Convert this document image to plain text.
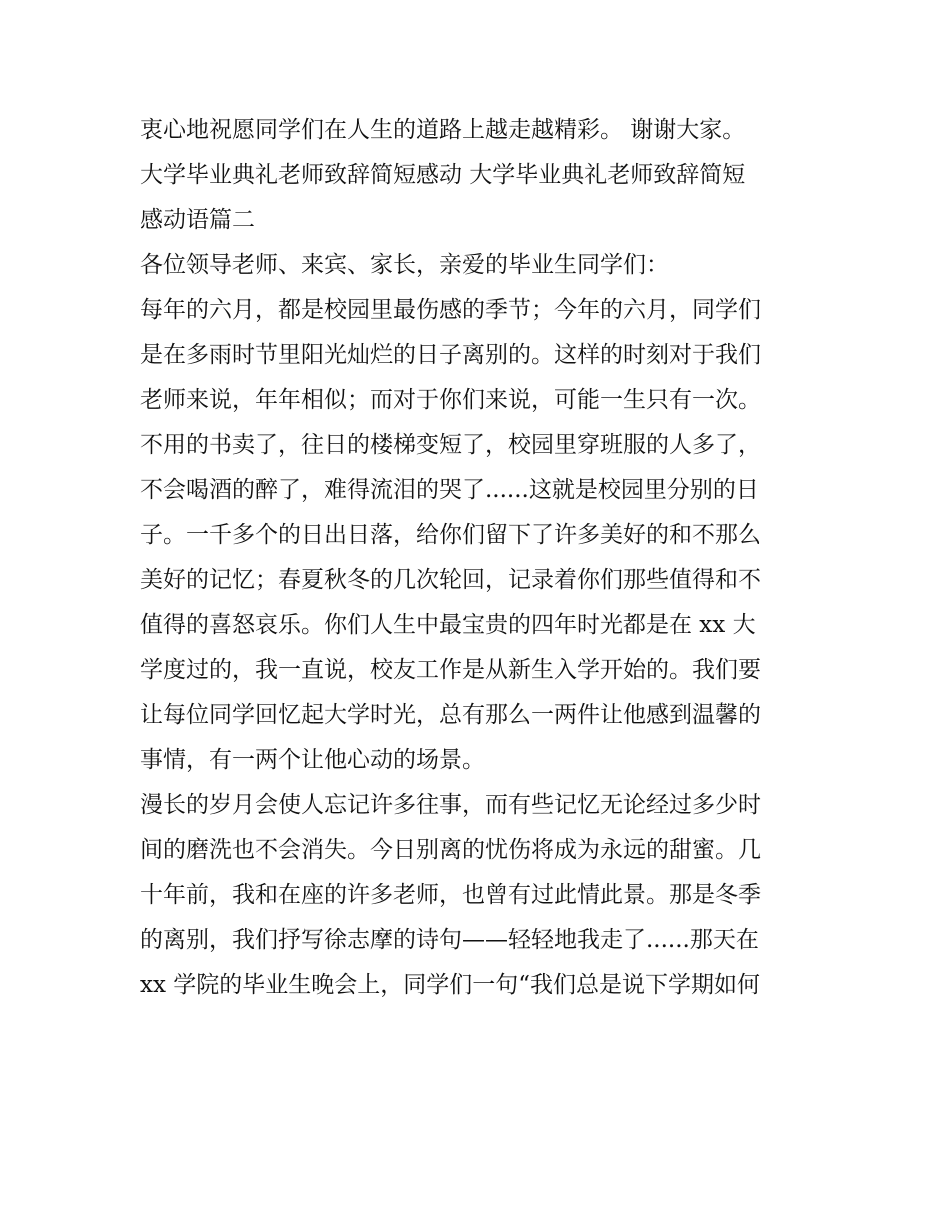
衷心地祝愿同学们在人生的道路上越走越精彩。 谢谢大家。
大学毕业典礼老师致辞简短感动 大学毕业典礼老师致辞简短
感动语篇二
各位领导老师、来宾、家长，亲爱的毕业生同学们：
每年的六月，都是校园里最伤感的季节；今年的六月，同学们
是在多雨时节里阳光灿烂的日子离别的。这样的时刻对于我们
老师来说，年年相似；而对于你们来说，可能一生只有一次。
不用的书卖了，往日的楼梯变短了，校园里穿班服的人多了，
不会喝酒的醉了，难得流泪的哭了......这就是校园里分别的日
子。一千多个的日出日落，给你们留下了许多美好的和不那么
美好的记忆；春夏秋冬的几次轮回，记录着你们那些值得和不
值得的喜怒哀乐。你们人生中最宝贵的四年时光都是在 xx 大
学度过的，我一直说，校友工作是从新生入学开始的。我们要
让每位同学回忆起大学时光，总有那么一两件让他感到温馨的
事情，有一两个让他心动的场景。
漫长的岁月会使人忘记许多往事，而有些记忆无论经过多少时
间的磨洗也不会消失。今日别离的忧伤将成为永远的甜蜜。几
十年前，我和在座的许多老师，也曾有过此情此景。那是冬季
的离别，我们抒写徐志摩的诗句——轻轻地我走了......那天在
xx 学院的毕业生晚会上，同学们一句“我们总是说下学期如何
